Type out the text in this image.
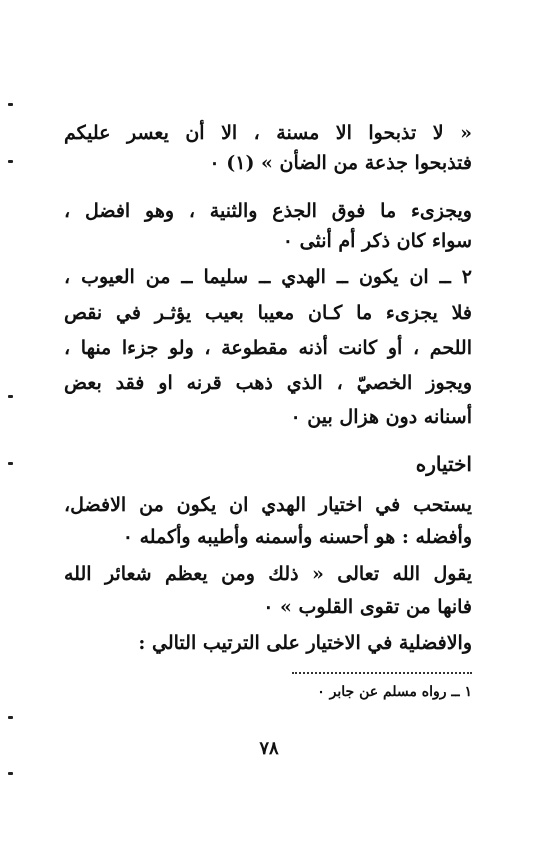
« لا تذبحوا الا مسنة ، الا أن يعسر عليكم
فتذبحوا جذعة من الضأن » (١) ٠
ويجزىء ما فوق الجذع والثنية ، وهو افضل ،
سواء كان ذكر أم أنثى ٠
٢ ــ ان يكون ــ الهدي ــ سليما ــ من العيوب ،
فلا يجزىء ما كـان معيبا بعيب يؤثـر في نقص
اللحم ، أو كانت أذنه مقطوعة ، ولو جزءا منها ،
ويجوز الخصيّ ، الذي ذهب قرنه او فقد بعض
أسنانه دون هزال بين ٠
اختياره
يستحب في اختيار الهدي ان يكون من الافضل،
وأفضله : هو أحسنه وأسمنه وأطيبه وأكمله ٠
يقول الله تعالى « ذلك ومن يعظم شعائر الله
فانها من تقوى القلوب » ٠
والافضلية في الاختيار على الترتيب التالي :
١ ــ رواه مسلم عن جابر ٠
٧٨
